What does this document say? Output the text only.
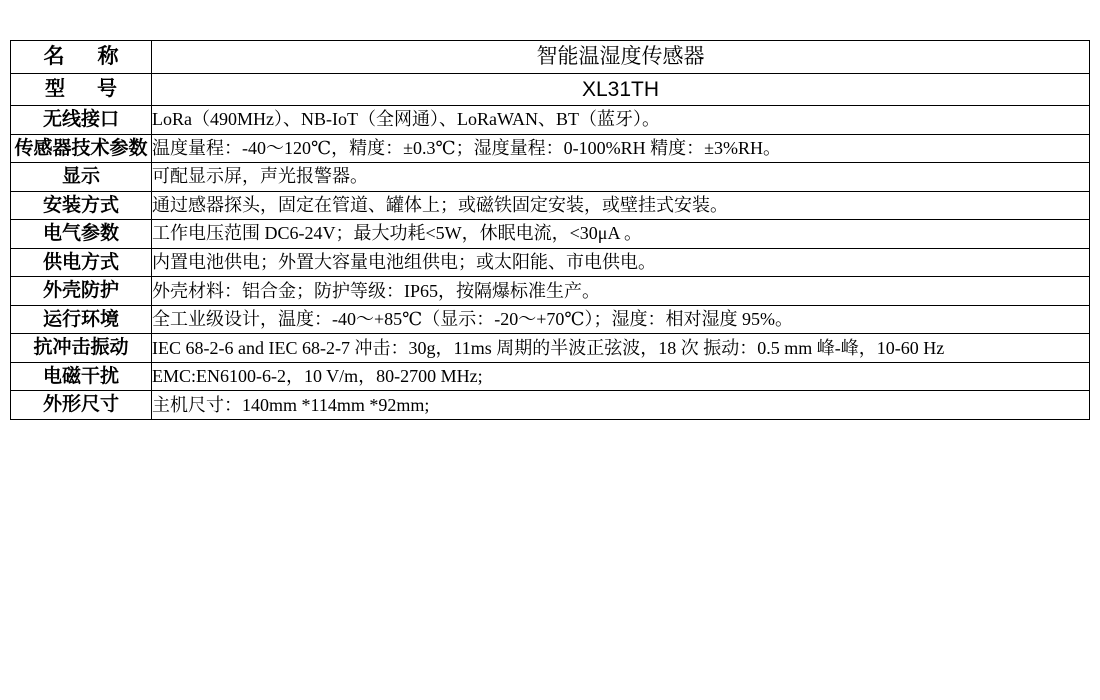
名　称	智能温湿度传感器
型　号	XL31TH
无线接口	LoRa（490MHz）、NB-IoT（全网通）、LoRaWAN、BT（蓝牙）。
传感器技术参数	温度量程：-40～120℃，精度：±0.3℃；湿度量程：0-100%RH 精度：±3%RH。
显示	可配显示屏，声光报警器。
安装方式	通过感器探头，固定在管道、罐体上；或磁铁固定安装，或壁挂式安装。
电气参数	工作电压范围 DC6-24V；最大功耗<5W，休眠电流，<30μA 。
供电方式	内置电池供电；外置大容量电池组供电；或太阳能、市电供电。
外壳防护	外壳材料：铝合金；防护等级：IP65，按隔爆标准生产。
运行环境	全工业级设计，温度：-40～+85℃（显示：-20～+70℃）；湿度：相对湿度 95%。
抗冲击振动	IEC 68-2-6 and IEC 68-2-7 冲击：30g，11ms 周期的半波正弦波，18 次 振动：0.5 mm 峰-峰，10-60 Hz
电磁干扰	EMC:EN6100-6-2，10 V/m，80-2700 MHz;
外形尺寸	主机尺寸：140mm *114mm *92mm;
